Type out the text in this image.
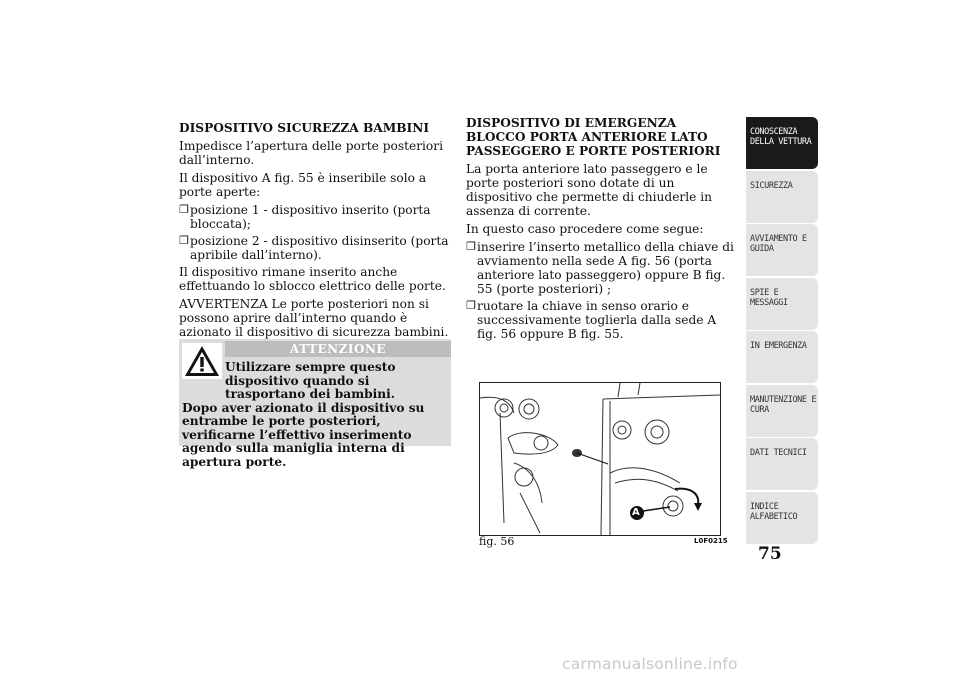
DISPOSITIVO SICUREZZA BAMBINI

Impedisce l’apertura delle porte posteriori dall’interno.

Il dispositivo A fig. 55 è inseribile solo a porte aperte:

❐ posizione 1 - dispositivo inserito (porta bloccata);
❐ posizione 2 - dispositivo disinserito (porta apribile dall’interno).

Il dispositivo rimane inserito anche effettuando lo sblocco elettrico delle porte.

AVVERTENZA Le porte posteriori non si possono aprire dall’interno quando è azionato il dispositivo di sicurezza bambini.

ATTENZIONE
Utilizzare sempre questo dispositivo quando si trasportano dei bambini.
Dopo aver azionato il dispositivo su entrambe le porte posteriori, verificarne l’effettivo inserimento agendo sulla maniglia interna di apertura porte.
DISPOSITIVO DI EMERGENZA BLOCCO PORTA ANTERIORE LATO PASSEGGERO E PORTE POSTERIORI

La porta anteriore lato passeggero e le porte posteriori sono dotate di un dispositivo che permette di chiuderle in assenza di corrente.

In questo caso procedere come segue:

❐ inserire l’inserto metallico della chiave di avviamento nella sede A fig. 56 (porta anteriore lato passeggero) oppure B fig. 55 (porte posteriori) ;
❐ ruotare la chiave in senso orario e successivamente toglierla dalla sede A fig. 56 oppure B fig. 55.
A
fig. 56	L0F0215
CONOSCENZA DELLA VETTURA
SICUREZZA
AVVIAMENTO E GUIDA
SPIE E MESSAGGI
IN EMERGENZA
MANUTENZIONE E CURA
DATI TECNICI
INDICE ALFABETICO
75
carmanualsonline.info
